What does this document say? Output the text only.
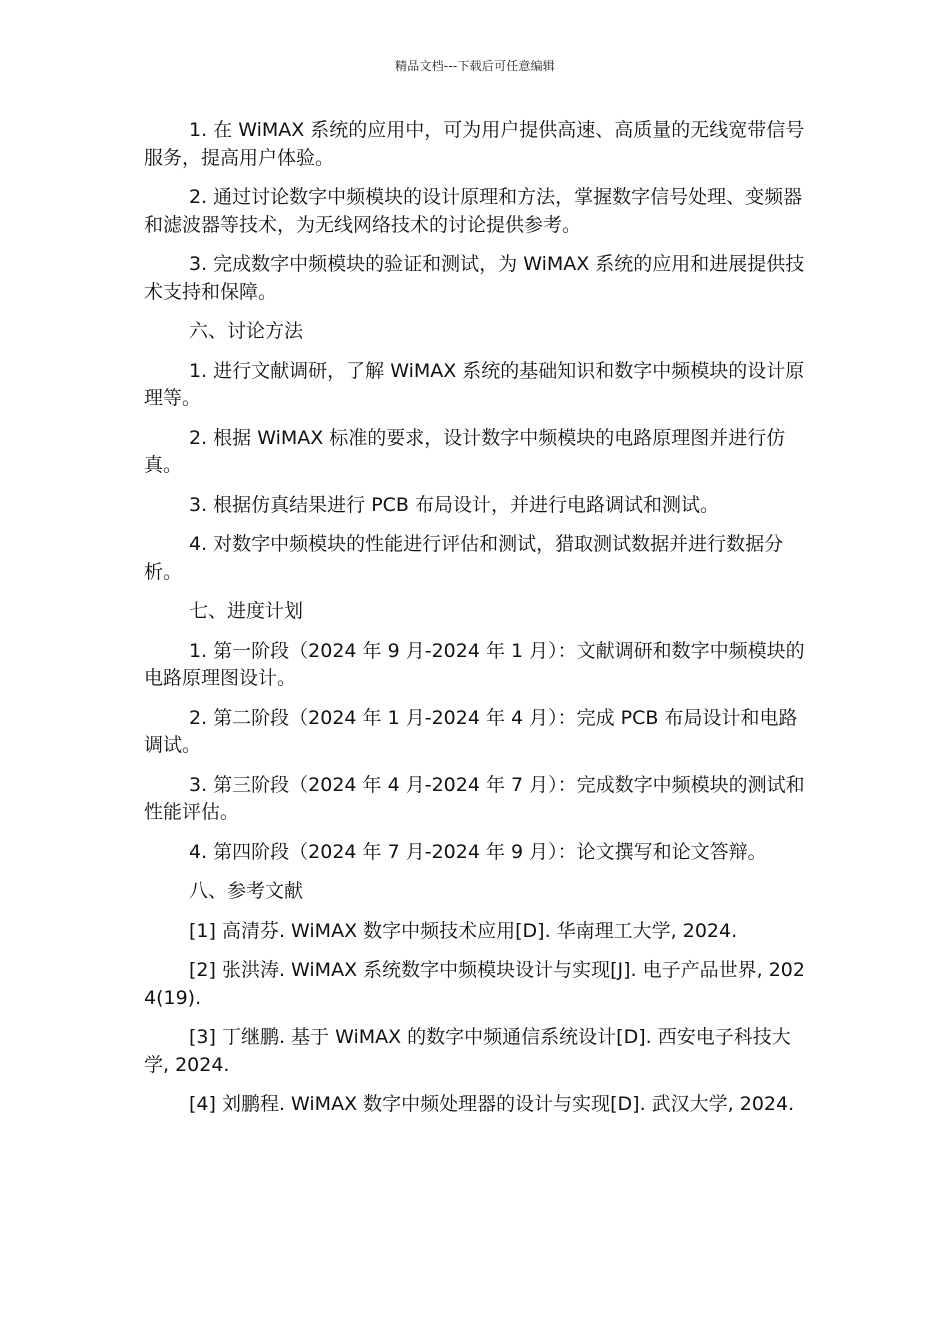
精品文档---下载后可任意编辑

1. 在 WiMAX 系统的应用中，可为用户提供高速、高质量的无线宽带信号服务，提高用户体验。

2. 通过讨论数字中频模块的设计原理和方法，掌握数字信号处理、变频器和滤波器等技术，为无线网络技术的讨论提供参考。

3. 完成数字中频模块的验证和测试，为 WiMAX 系统的应用和进展提供技术支持和保障。

六、讨论方法

1. 进行文献调研，了解 WiMAX 系统的基础知识和数字中频模块的设计原理等。

2. 根据 WiMAX 标准的要求，设计数字中频模块的电路原理图并进行仿真。

3. 根据仿真结果进行 PCB 布局设计，并进行电路调试和测试。

4. 对数字中频模块的性能进行评估和测试，猎取测试数据并进行数据分析。

七、进度计划

1. 第一阶段（2024 年 9 月-2024 年 1 月）：文献调研和数字中频模块的电路原理图设计。

2. 第二阶段（2024 年 1 月-2024 年 4 月）：完成 PCB 布局设计和电路调试。

3. 第三阶段（2024 年 4 月-2024 年 7 月）：完成数字中频模块的测试和性能评估。

4. 第四阶段（2024 年 7 月-2024 年 9 月）：论文撰写和论文答辩。

八、参考文献

[1] 高清芬. WiMAX 数字中频技术应用[D]. 华南理工大学, 2024.

[2] 张洪涛. WiMAX 系统数字中频模块设计与实现[J]. 电子产品世界, 2024(19).

[3] 丁继鹏. 基于 WiMAX 的数字中频通信系统设计[D]. 西安电子科技大学, 2024.

[4] 刘鹏程. WiMAX 数字中频处理器的设计与实现[D]. 武汉大学, 2024.
